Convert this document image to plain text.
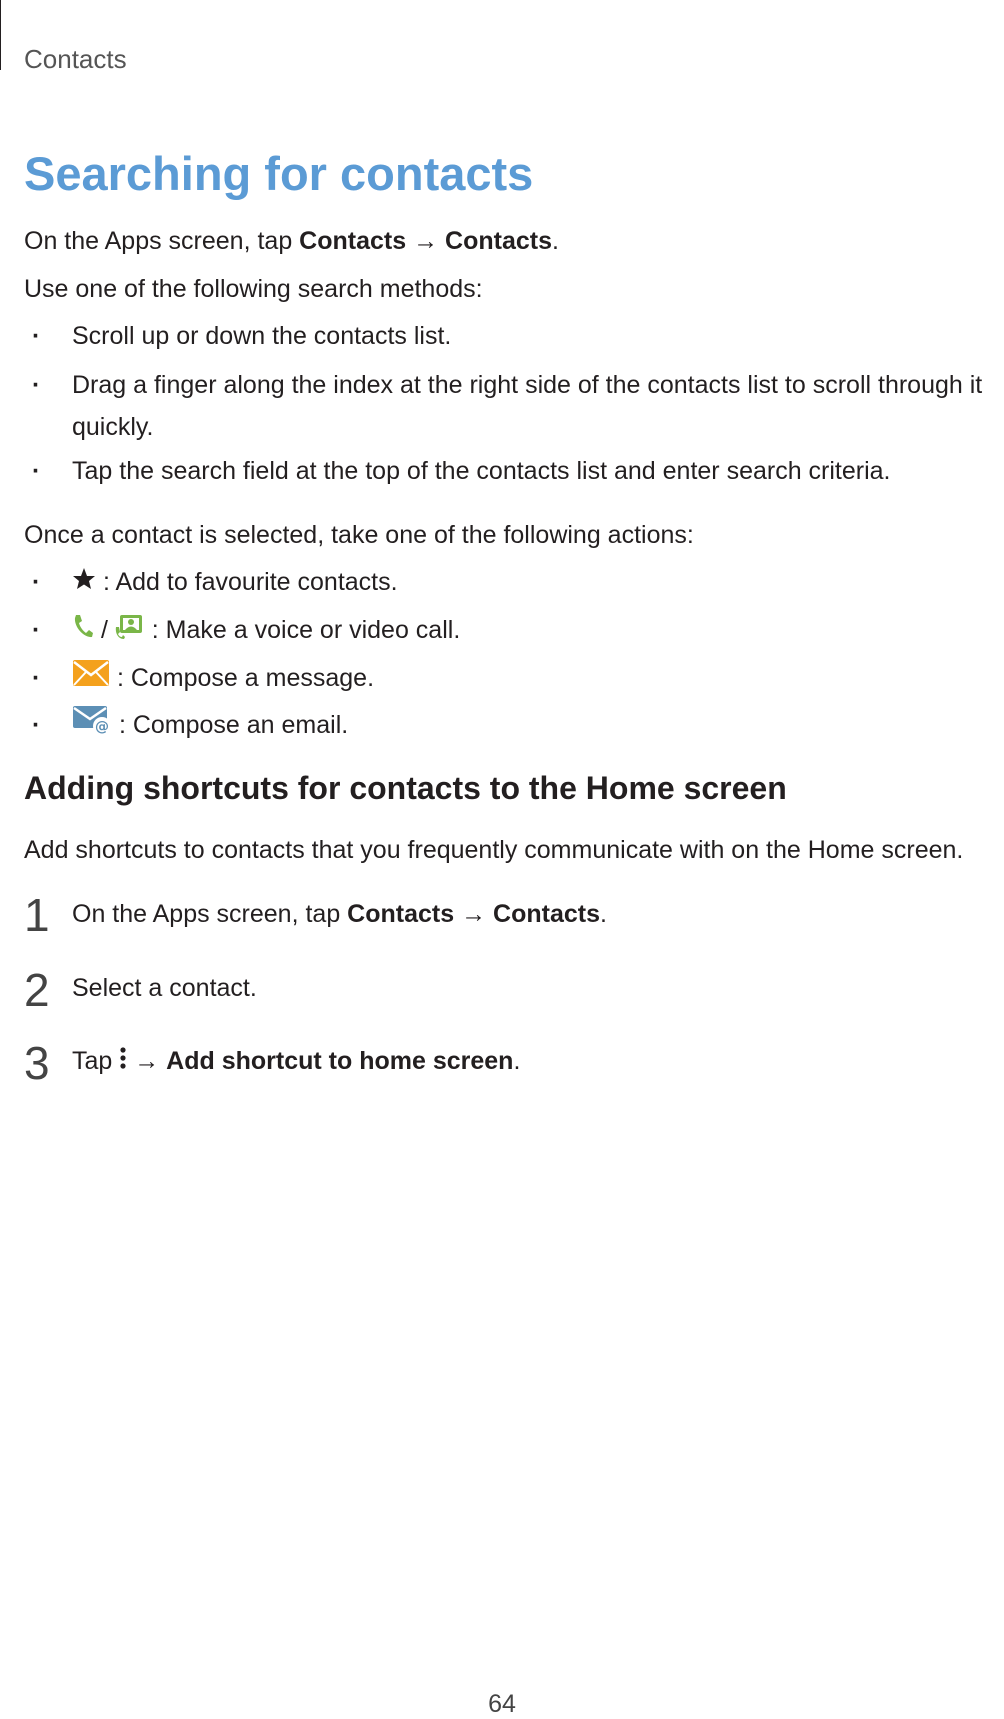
Contacts
Searching for contacts
On the Apps screen, tap Contacts → Contacts.
Use one of the following search methods:
· Scroll up or down the contacts list.
· Drag a finger along the index at the right side of the contacts list to scroll through it quickly.
· Tap the search field at the top of the contacts list and enter search criteria.
Once a contact is selected, take one of the following actions:
· : Add to favourite contacts.
· /  : Make a voice or video call.
· : Compose a message.
· @ : Compose an email.
Adding shortcuts for contacts to the Home screen
Add shortcuts to contacts that you frequently communicate with on the Home screen.
1 On the Apps screen, tap Contacts → Contacts.
2 Select a contact.
3 Tap  → Add shortcut to home screen.
64
